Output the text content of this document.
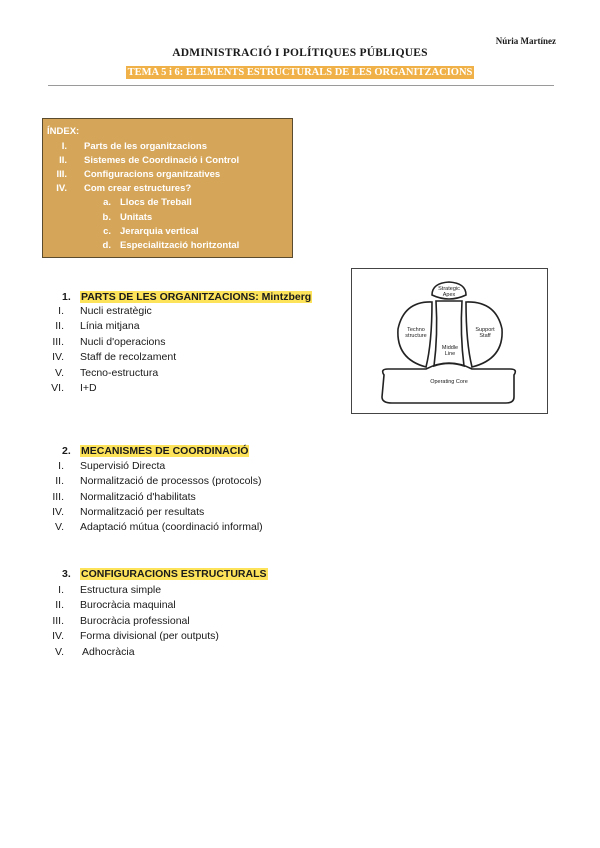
Núria Martínez
ADMINISTRACIÓ I POLÍTIQUES PÚBLIQUES
TEMA 5 i 6: ELEMENTS ESTRUCTURALS DE LES ORGANITZACIONS
ÍNDEX:
I. Parts de les organitzacions
II. Sistemes de Coordinació i Control
III. Configuracions organitzatives
IV. Com crear estructures?
a. Llocs de Treball
b. Unitats
c. Jerarquia vertical
d. Especialització horitzontal
Strategic
Apex
Techno
structure
Support
Staff
Middle
Line
Operating Core
1. PARTS DE LES ORGANITZACIONS: Mintzberg
I. Nucli estratègic
II. Línia mitjana
III. Nucli d'operacions
IV. Staff de recolzament
V. Tecno-estructura
VI. I+D
2. MECANISMES DE COORDINACIÓ
I. Supervisió Directa
II. Normalització de processos (protocols)
III. Normalització d'habilitats
IV. Normalització per resultats
V. Adaptació mútua (coordinació informal)
3. CONFIGURACIONS ESTRUCTURALS
I. Estructura simple
II. Burocràcia maquinal
III. Burocràcia professional
IV. Forma divisional (per outputs)
V. Adhocràcia
